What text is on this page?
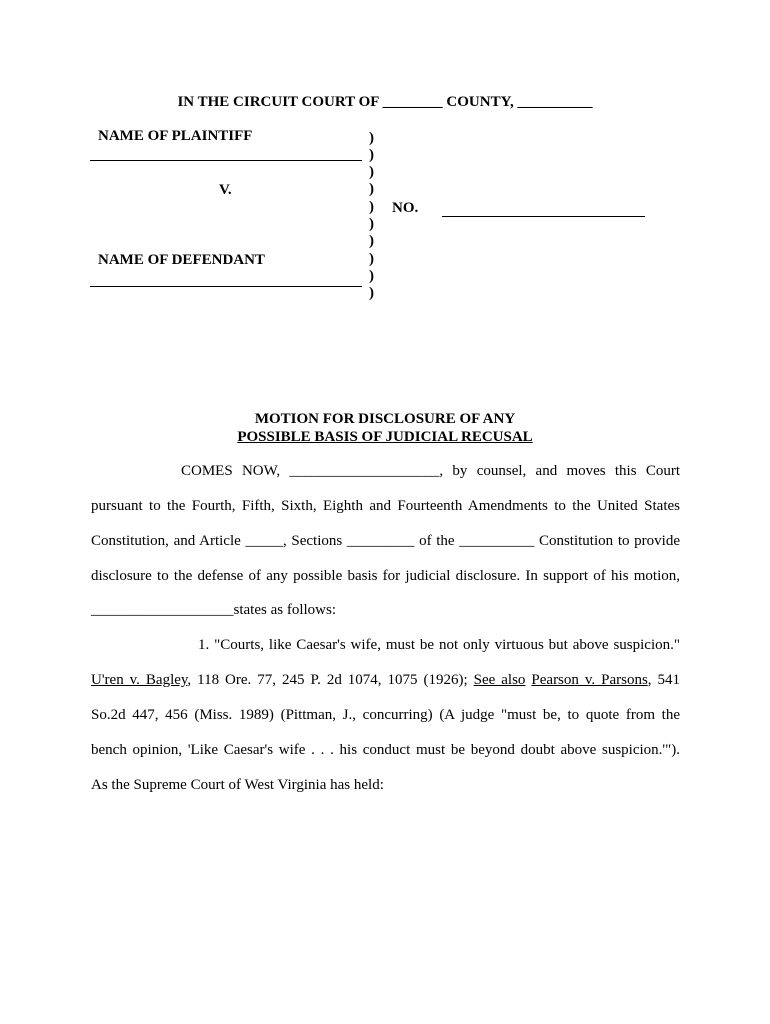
IN THE CIRCUIT COURT OF ________ COUNTY, __________
NAME OF PLAINTIFF
V.
NAME OF DEFENDANT
)
)
)
)
)
)
)
)
)
)
NO.
MOTION FOR DISCLOSURE OF ANY
POSSIBLE BASIS OF JUDICIAL RECUSAL
COMES NOW, ____________________, by counsel, and moves this Court
pursuant to the Fourth, Fifth, Sixth, Eighth and Fourteenth Amendments to the United States
Constitution, and Article _____, Sections _________ of the __________ Constitution to provide
disclosure to the defense of any possible basis for judicial disclosure. In support of his motion,
___________________states as follows:
1. "Courts, like Caesar's wife, must be not only virtuous but above suspicion."
U'ren v. Bagley, 118 Ore. 77, 245 P. 2d 1074, 1075 (1926); See also Pearson v. Parsons, 541
So.2d 447, 456 (Miss. 1989) (Pittman, J., concurring) (A judge "must be, to quote from the
bench opinion, 'Like Caesar's wife . . . his conduct must be beyond doubt above suspicion.'").
As the Supreme Court of West Virginia has held:
